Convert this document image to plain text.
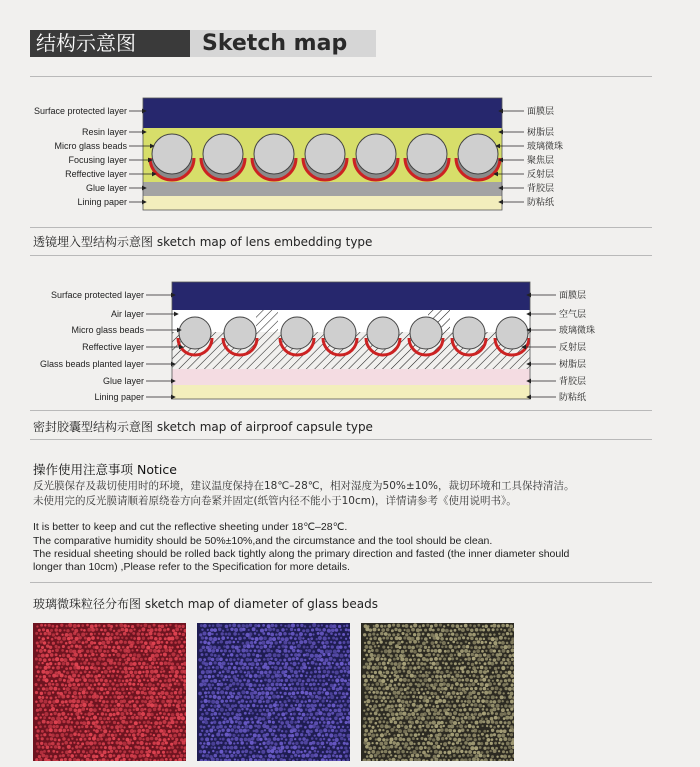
结构示意图	Sketch map
Surface protected layer
Resin layer
Micro glass beads
Focusing layer
Reffective layer
Glue layer
Lining paper
面膜层
树脂层
玻璃微珠
聚焦层
反射层
背胶层
防粘纸
透镜埋入型结构示意图 sketch map of lens embedding type
Surface protected layer
Air layer
Micro glass beads
Reffective layer
Glass beads planted layer
Glue layer
Lining paper
面膜层
空气层
玻璃微珠
反射层
树脂层
背胶层
防粘纸
密封胶囊型结构示意图 sketch map of airproof capsule type
操作使用注意事项 Notice
反光膜保存及裁切使用时的环境，建议温度保持在18℃–28℃，相对湿度为50%±10%，裁切环境和工具保持清洁。
未使用完的反光膜请顺着原绕卷方向卷紧并固定(纸管内径不能小于10cm)，详情请参考《使用说明书》。
It is better to keep and cut the reflective sheeting under 18℃–28℃.
The comparative humidity should be 50%±10%,and the circumstance and the tool should be clean.
The residual sheeting should be rolled back tightly along the primary direction and fasted (the inner diameter should
longer than 10cm) ,Please refer to the Specification for more details.
玻璃微珠粒径分布图 sketch map of diameter of glass beads
